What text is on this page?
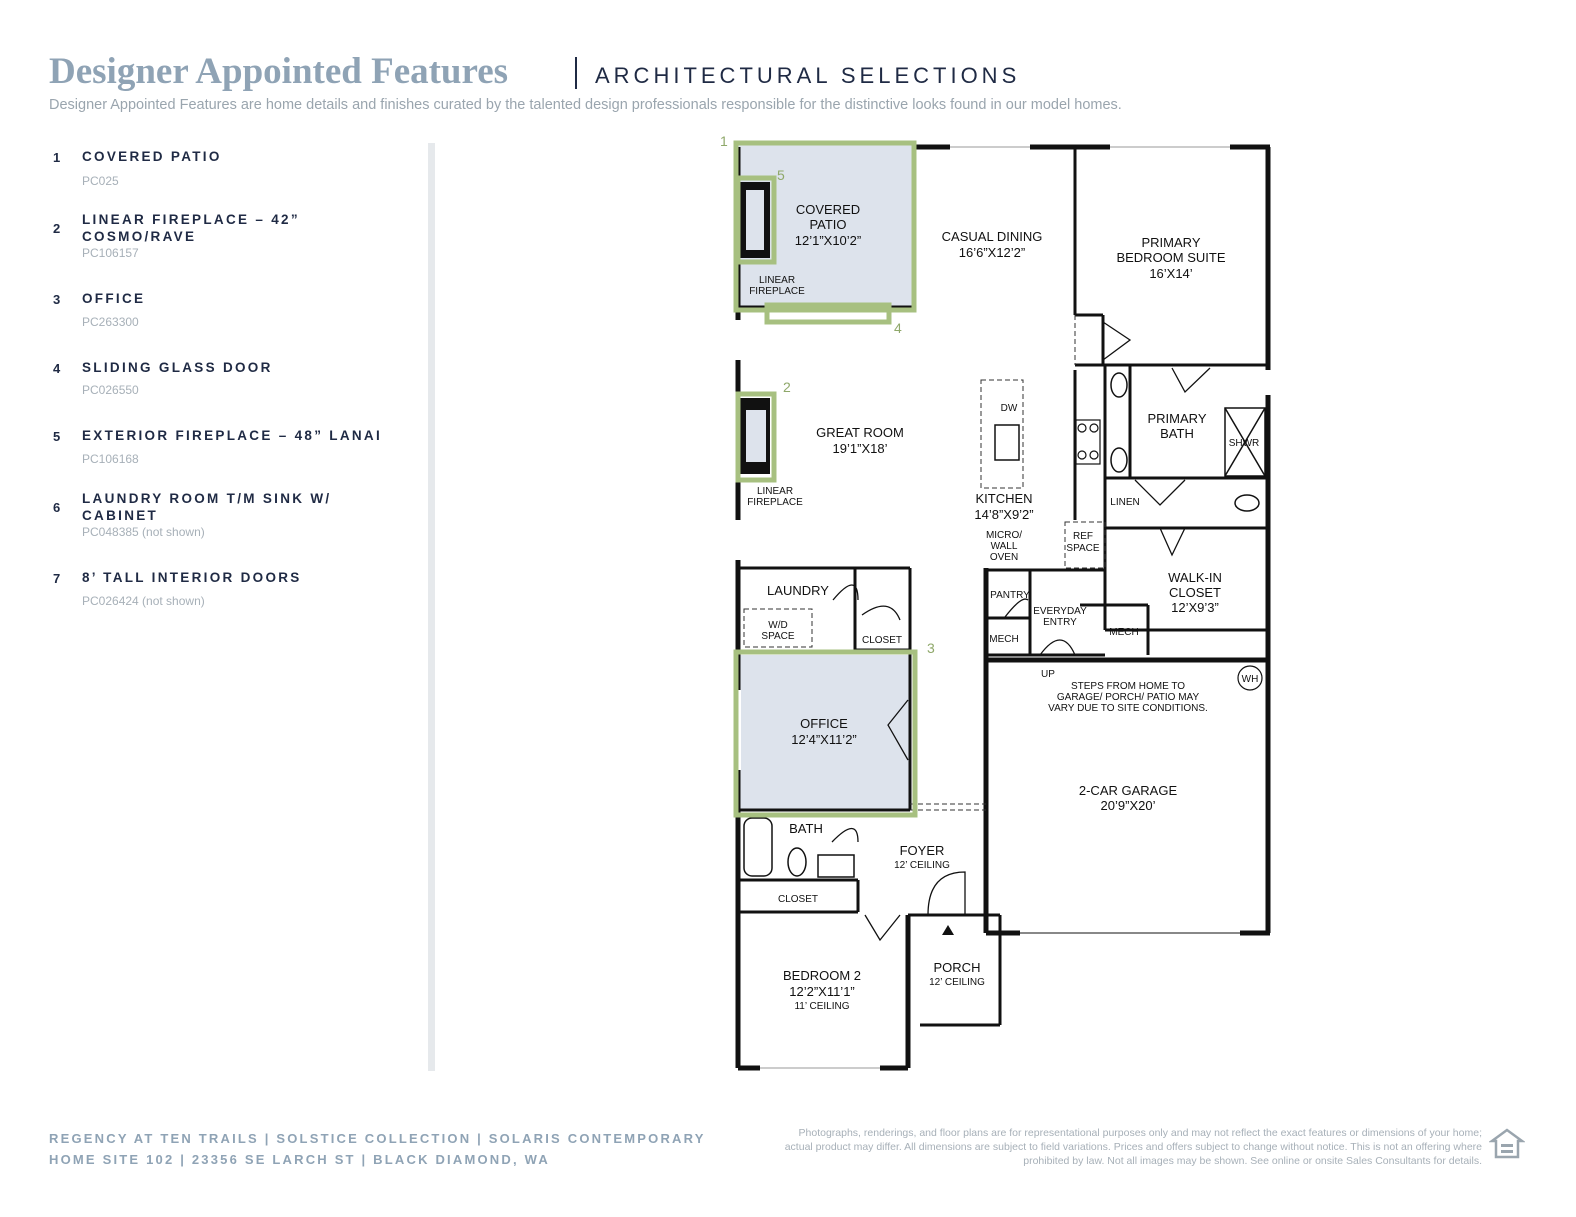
Designer Appointed Features	ARCHITECTURAL SELECTIONS
Designer Appointed Features are home details and finishes curated by the talented design professionals responsible for the distinctive looks found in our model homes.
1 COVERED PATIO
PC025
2
LINEAR FIREPLACE – 42” COSMO/RAVE
PC106157
3 OFFICE
PC263300
4 SLIDING GLASS DOOR
PC026550
5 EXTERIOR FIREPLACE – 48” LANAI
PC106168
6
LAUNDRY ROOM T/M SINK W/ CABINET
PC048385 (not shown)
7 8’ TALL INTERIOR DOORS
PC026424 (not shown)
1
2
3
4
5
COVERED
PATIO
12’1”X10’2”	CASUAL DINING
16’6”X12’2”
PRIMARY
BEDROOM SUITE
16’X14’
GREAT ROOM
19’1”X18’
KITCHEN
14’8”X9’2”
PRIMARY
BATH
WALK-IN
CLOSET
12’X9’3”
LAUNDRY
OFFICE
12’4”X11’2”
2-CAR GARAGE
20’9”X20’
BATH
FOYER
BEDROOM 2
12’2”X11’1”
PORCH
12’ CEILING
11’ CEILING
12’ CEILING
LINEAR
FIREPLACE
LINEAR
FIREPLACE
DW
MICRO/
WALL
OVEN
REF
SPACE
SHWR
LINEN
PANTRY
EVERYDAY
ENTRY
MECH
MECH
W/D
SPACE	CLOSET
CLOSET
UP	WH
STEPS FROM HOME TO
GARAGE/ PORCH/ PATIO MAY
VARY DUE TO SITE CONDITIONS.
REGENCY AT TEN TRAILS | SOLSTICE COLLECTION | SOLARIS CONTEMPORARY
HOME SITE 102 | 23356 SE LARCH ST | BLACK DIAMOND, WA
Photographs, renderings, and floor plans are for representational purposes only and may not reflect the exact features or dimensions of your home; actual product may differ. All dimensions are subject to field variations. Prices and offers subject to change without notice. This is not an offering where prohibited by law. Not all images may be shown. See online or onsite Sales Consultants for details.
